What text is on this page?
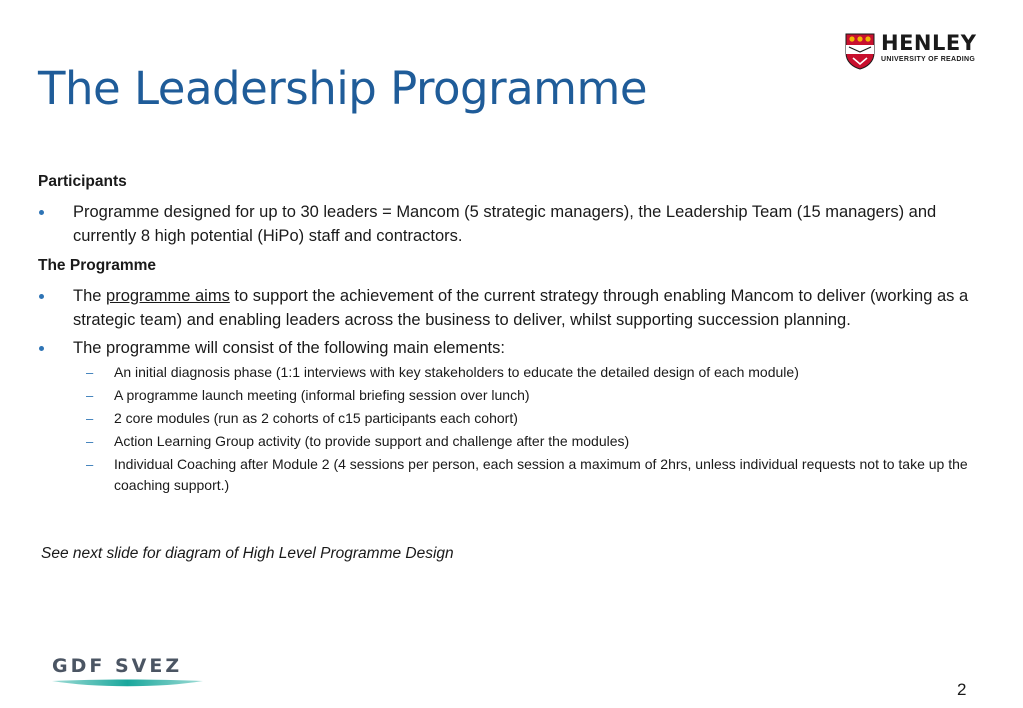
The Leadership Programme
HENLEY
UNIVERSITY OF READING

Participants

Programme designed for up to 30 leaders = Mancom (5 strategic managers), the Leadership Team (15 managers) and currently 8 high potential (HiPo) staff and contractors.

The Programme

The programme aims to support the achievement of the current strategy through enabling Mancom to deliver (working as a strategic team) and enabling leaders across the business to deliver, whilst supporting succession planning.
The programme will consist of the following main elements:
– An initial diagnosis phase (1:1 interviews with key stakeholders to educate the detailed design of each module)
– A programme launch meeting (informal briefing session over lunch)
– 2 core modules (run as 2 cohorts of c15 participants each cohort)
– Action Learning Group activity (to provide support and challenge after the modules)
– Individual Coaching after Module 2 (4 sessions per person, each session a maximum of 2hrs, unless individual requests not to take up the coaching support.)
See next slide for diagram of High Level Programme Design
GDF SVEZ
2
